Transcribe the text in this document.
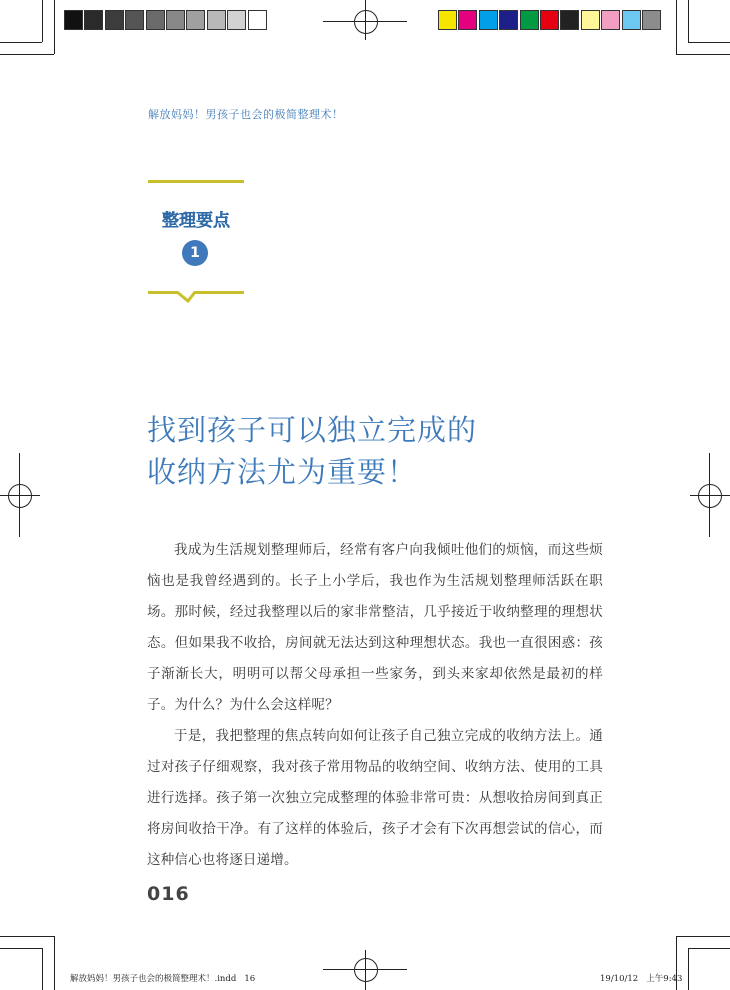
解放妈妈！男孩子也会的极简整理术！
整理要点
1
找到孩子可以独立完成的
收纳方法尤为重要！

我成为生活规划整理师后，经常有客户向我倾吐他们的烦恼，而这些烦恼也是我曾经遇到的。长子上小学后，我也作为生活规划整理师活跃在职场。那时候，经过我整理以后的家非常整洁，几乎接近于收纳整理的理想状态。但如果我不收拾，房间就无法达到这种理想状态。我也一直很困惑：孩子渐渐长大，明明可以帮父母承担一些家务，到头来家却依然是最初的样子。为什么？为什么会这样呢？

于是，我把整理的焦点转向如何让孩子自己独立完成的收纳方法上。通过对孩子仔细观察，我对孩子常用物品的收纳空间、收纳方法、使用的工具进行选择。孩子第一次独立完成整理的体验非常可贵：从想收拾房间到真正将房间收拾干净。有了这样的体验后，孩子才会有下次再想尝试的信心，而这种信心也将逐日递增。

016
解放妈妈！男孩子也会的极简整理术！.indd   16	19/10/12   上午9:43
